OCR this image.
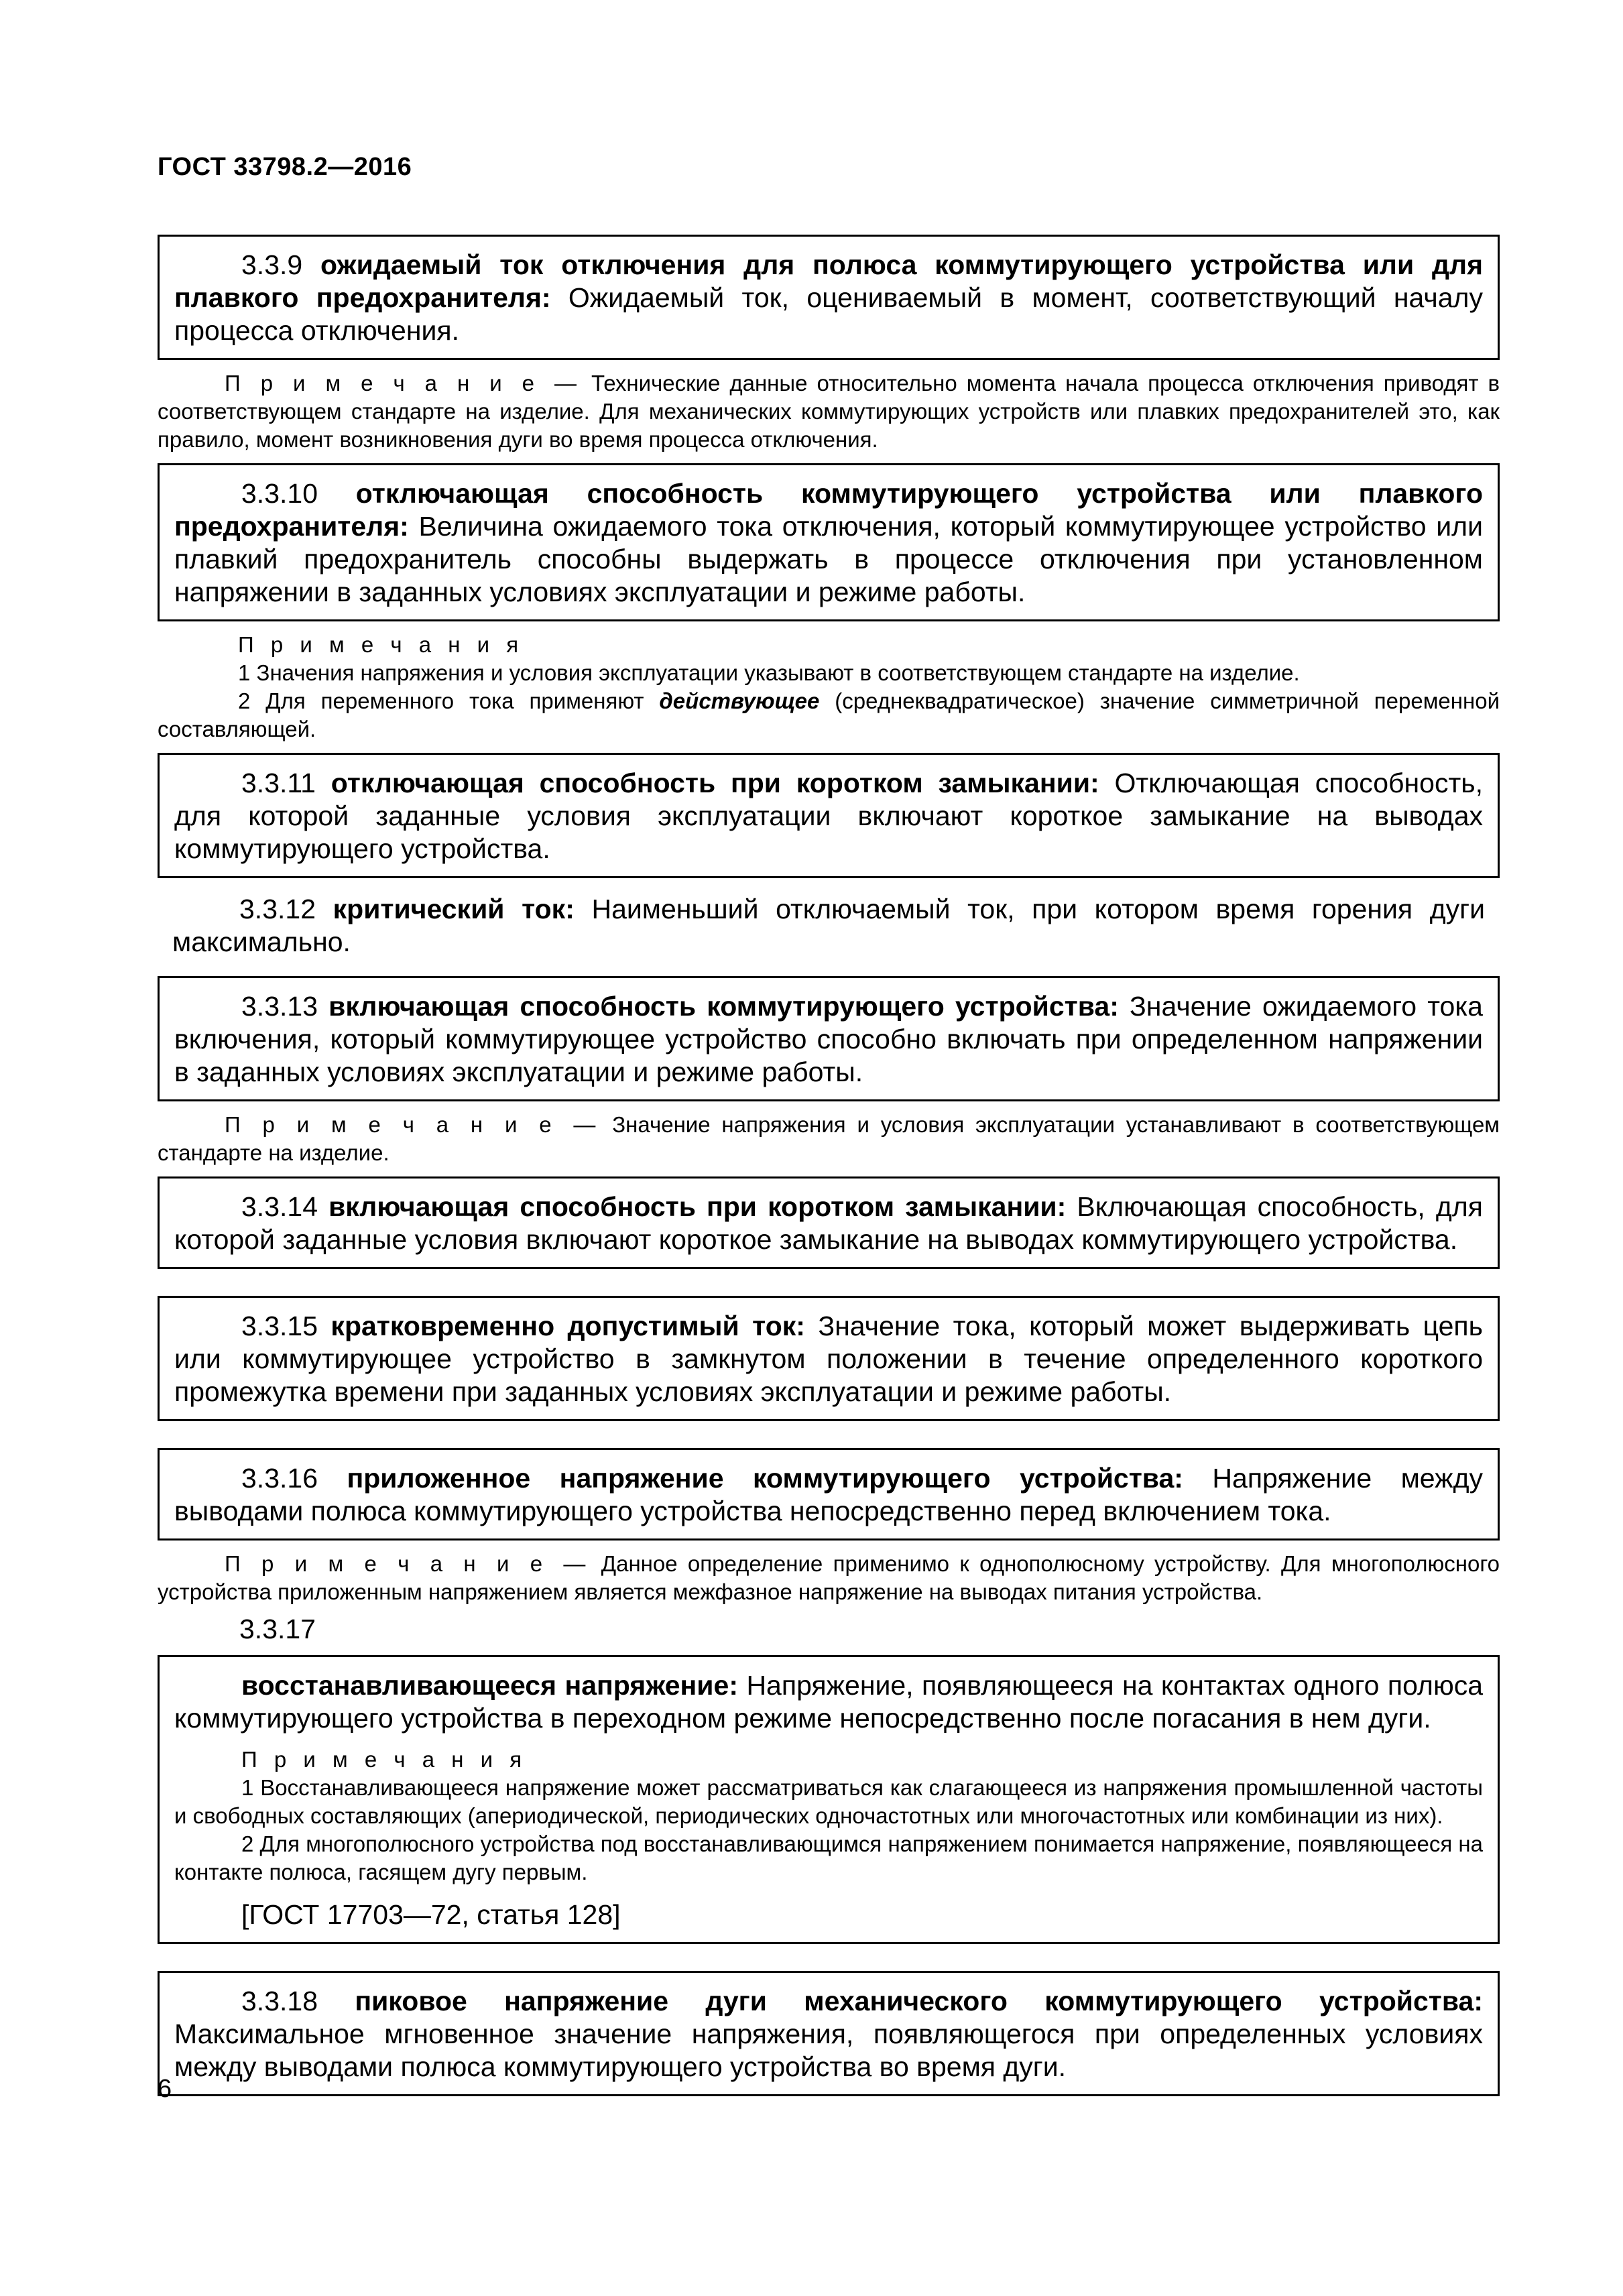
ГОСТ 33798.2—2016

3.3.9 ожидаемый ток отключения для полюса коммутирующего устройства или для плавкого предохранителя: Ожидаемый ток, оцениваемый в момент, соответствующий началу процесса отключения.

П р и м е ч а н и е — Технические данные относительно момента начала процесса отключения приводят в соответствующем стандарте на изделие. Для механических коммутирующих устройств или плавких предохранителей это, как правило, момент возникновения дуги во время процесса отключения.

3.3.10 отключающая способность коммутирующего устройства или плавкого предохранителя: Величина ожидаемого тока отключения, который коммутирующее устройство или плавкий предохранитель способны выдержать в процессе отключения при установленном напряжении в заданных условиях эксплуатации и режиме работы.

П р и м е ч а н и я

1 Значения напряжения и условия эксплуатации указывают в соответствующем стандарте на изделие.

2 Для переменного тока применяют действующее (среднеквадратическое) значение симметричной переменной составляющей.

3.3.11 отключающая способность при коротком замыкании: Отключающая способность, для которой заданные условия эксплуатации включают короткое замыкание на выводах коммутирующего устройства.

3.3.12 критический ток: Наименьший отключаемый ток, при котором время горения дуги максимально.

3.3.13 включающая способность коммутирующего устройства: Значение ожидаемого тока включения, который коммутирующее устройство способно включать при определенном напряжении в заданных условиях эксплуатации и режиме работы.

П р и м е ч а н и е — Значение напряжения и условия эксплуатации устанавливают в соответствующем стандарте на изделие.

3.3.14 включающая способность при коротком замыкании: Включающая способность, для которой заданные условия включают короткое замыкание на выводах коммутирующего устройства.

3.3.15 кратковременно допустимый ток: Значение тока, который может выдерживать цепь или коммутирующее устройство в замкнутом положении в течение определенного короткого промежутка времени при заданных условиях эксплуатации и режиме работы.

3.3.16 приложенное напряжение коммутирующего устройства: Напряжение между выводами полюса коммутирующего устройства непосредственно перед включением тока.

П р и м е ч а н и е — Данное определение применимо к однополюсному устройству. Для многополюсного устройства приложенным напряжением является межфазное напряжение на выводах питания устройства.

3.3.17

восстанавливающееся напряжение: Напряжение, появляющееся на контактах одного полюса коммутирующего устройства в переходном режиме непосредственно после погасания в нем дуги.

П р и м е ч а н и я

1 Восстанавливающееся напряжение может рассматриваться как слагающееся из напряжения промышленной частоты и свободных составляющих (апериодической, периодических одночастотных или многочастотных или комбинации из них).

2 Для многополюсного устройства под восстанавливающимся напряжением понимается напряжение, появляющееся на контакте полюса, гасящем дугу первым.

[ГОСТ 17703—72, статья 128]

3.3.18 пиковое напряжение дуги механического коммутирующего устройства: Максимальное мгновенное значение напряжения, появляющегося при определенных условиях между выводами полюса коммутирующего устройства во время дуги.

6
